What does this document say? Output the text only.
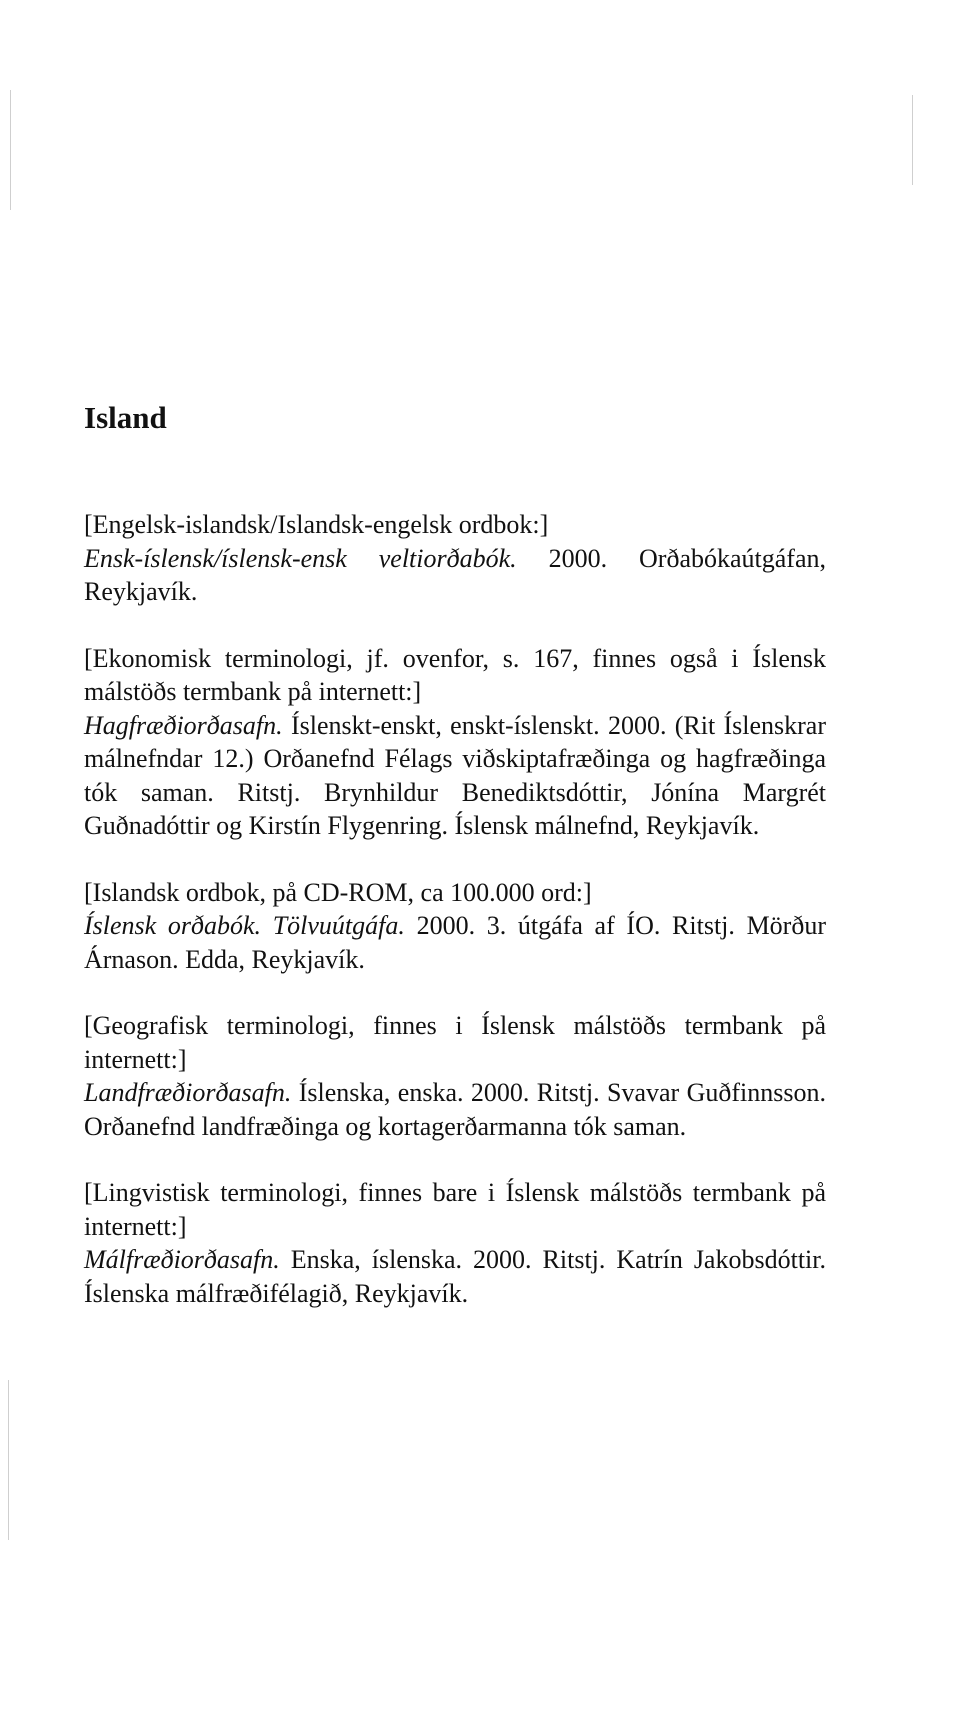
Island

[Engelsk-islandsk/Islandsk-engelsk ordbok:]
Ensk-íslensk/íslensk-ensk veltiorðabók. 2000. Orðabókaútgáfan, Reykjavík.

[Ekonomisk terminologi, jf. ovenfor, s. 167, finnes også i Íslensk málstöðs termbank på internett:]
Hagfræðiorðasafn. Íslenskt-enskt, enskt-íslenskt. 2000. (Rit Íslenskrar málnefndar 12.) Orðanefnd Félags viðskiptafræðinga og hagfræðinga tók saman. Ritstj. Brynhildur Benediktsdóttir, Jónína Margrét Guðnadóttir og Kirstín Flygenring. Íslensk málnefnd, Reykjavík.

[Islandsk ordbok, på CD-ROM, ca 100.000 ord:]
Íslensk orðabók. Tölvuútgáfa. 2000. 3. útgáfa af ÍO. Ritstj. Mörður Árnason. Edda, Reykjavík.

[Geografisk terminologi, finnes i Íslensk málstöðs termbank på internett:]
Landfræðiorðasafn. Íslenska, enska. 2000. Ritstj. Svavar Guðfinnsson. Orðanefnd landfræðinga og kortagerðarmanna tók saman.

[Lingvistisk terminologi, finnes bare i Íslensk málstöðs termbank på internett:]
Málfræðiorðasafn. Enska, íslenska. 2000. Ritstj. Katrín Jakobsdóttir. Íslenska málfræðifélagið, Reykjavík.
